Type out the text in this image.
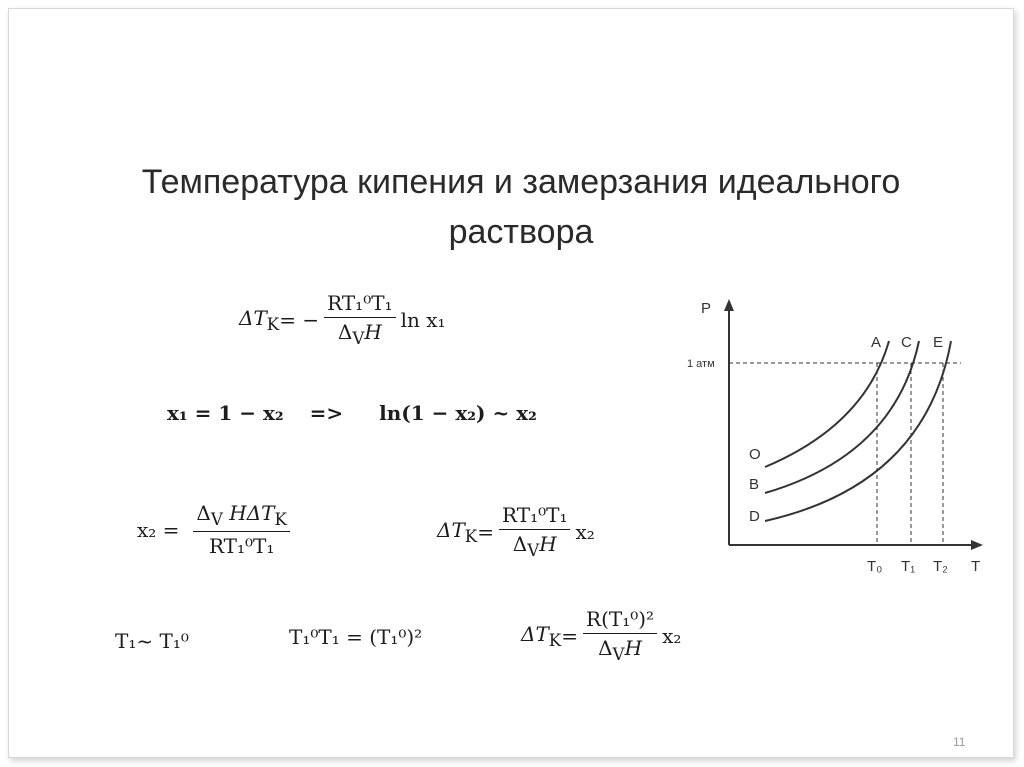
Температура кипения и замерзания идеального раствора
$\Delta T_K$ = − $\frac{\text{RT₁⁰T₁}}{\Delta_VH}$ ln x₁
x₁ = 1 − x₂ => ln(1 − x₂) ~ x₂
$x_2 = \frac{\Delta_V H\Delta T_K}{\text{RT₁⁰T₁}}$	$\Delta T_K = \frac{\text{RT₁⁰T₁}}{\Delta_VH} x_2$
T₁~ T₁⁰	T₁⁰T₁ = (T₁⁰)²	$\Delta T_K = \frac{\text{R(T₁⁰)²}}{\Delta_VH} x_2$
P
T
1 атм
A C E
O
B
D
T₀ T₁ T₂
11
